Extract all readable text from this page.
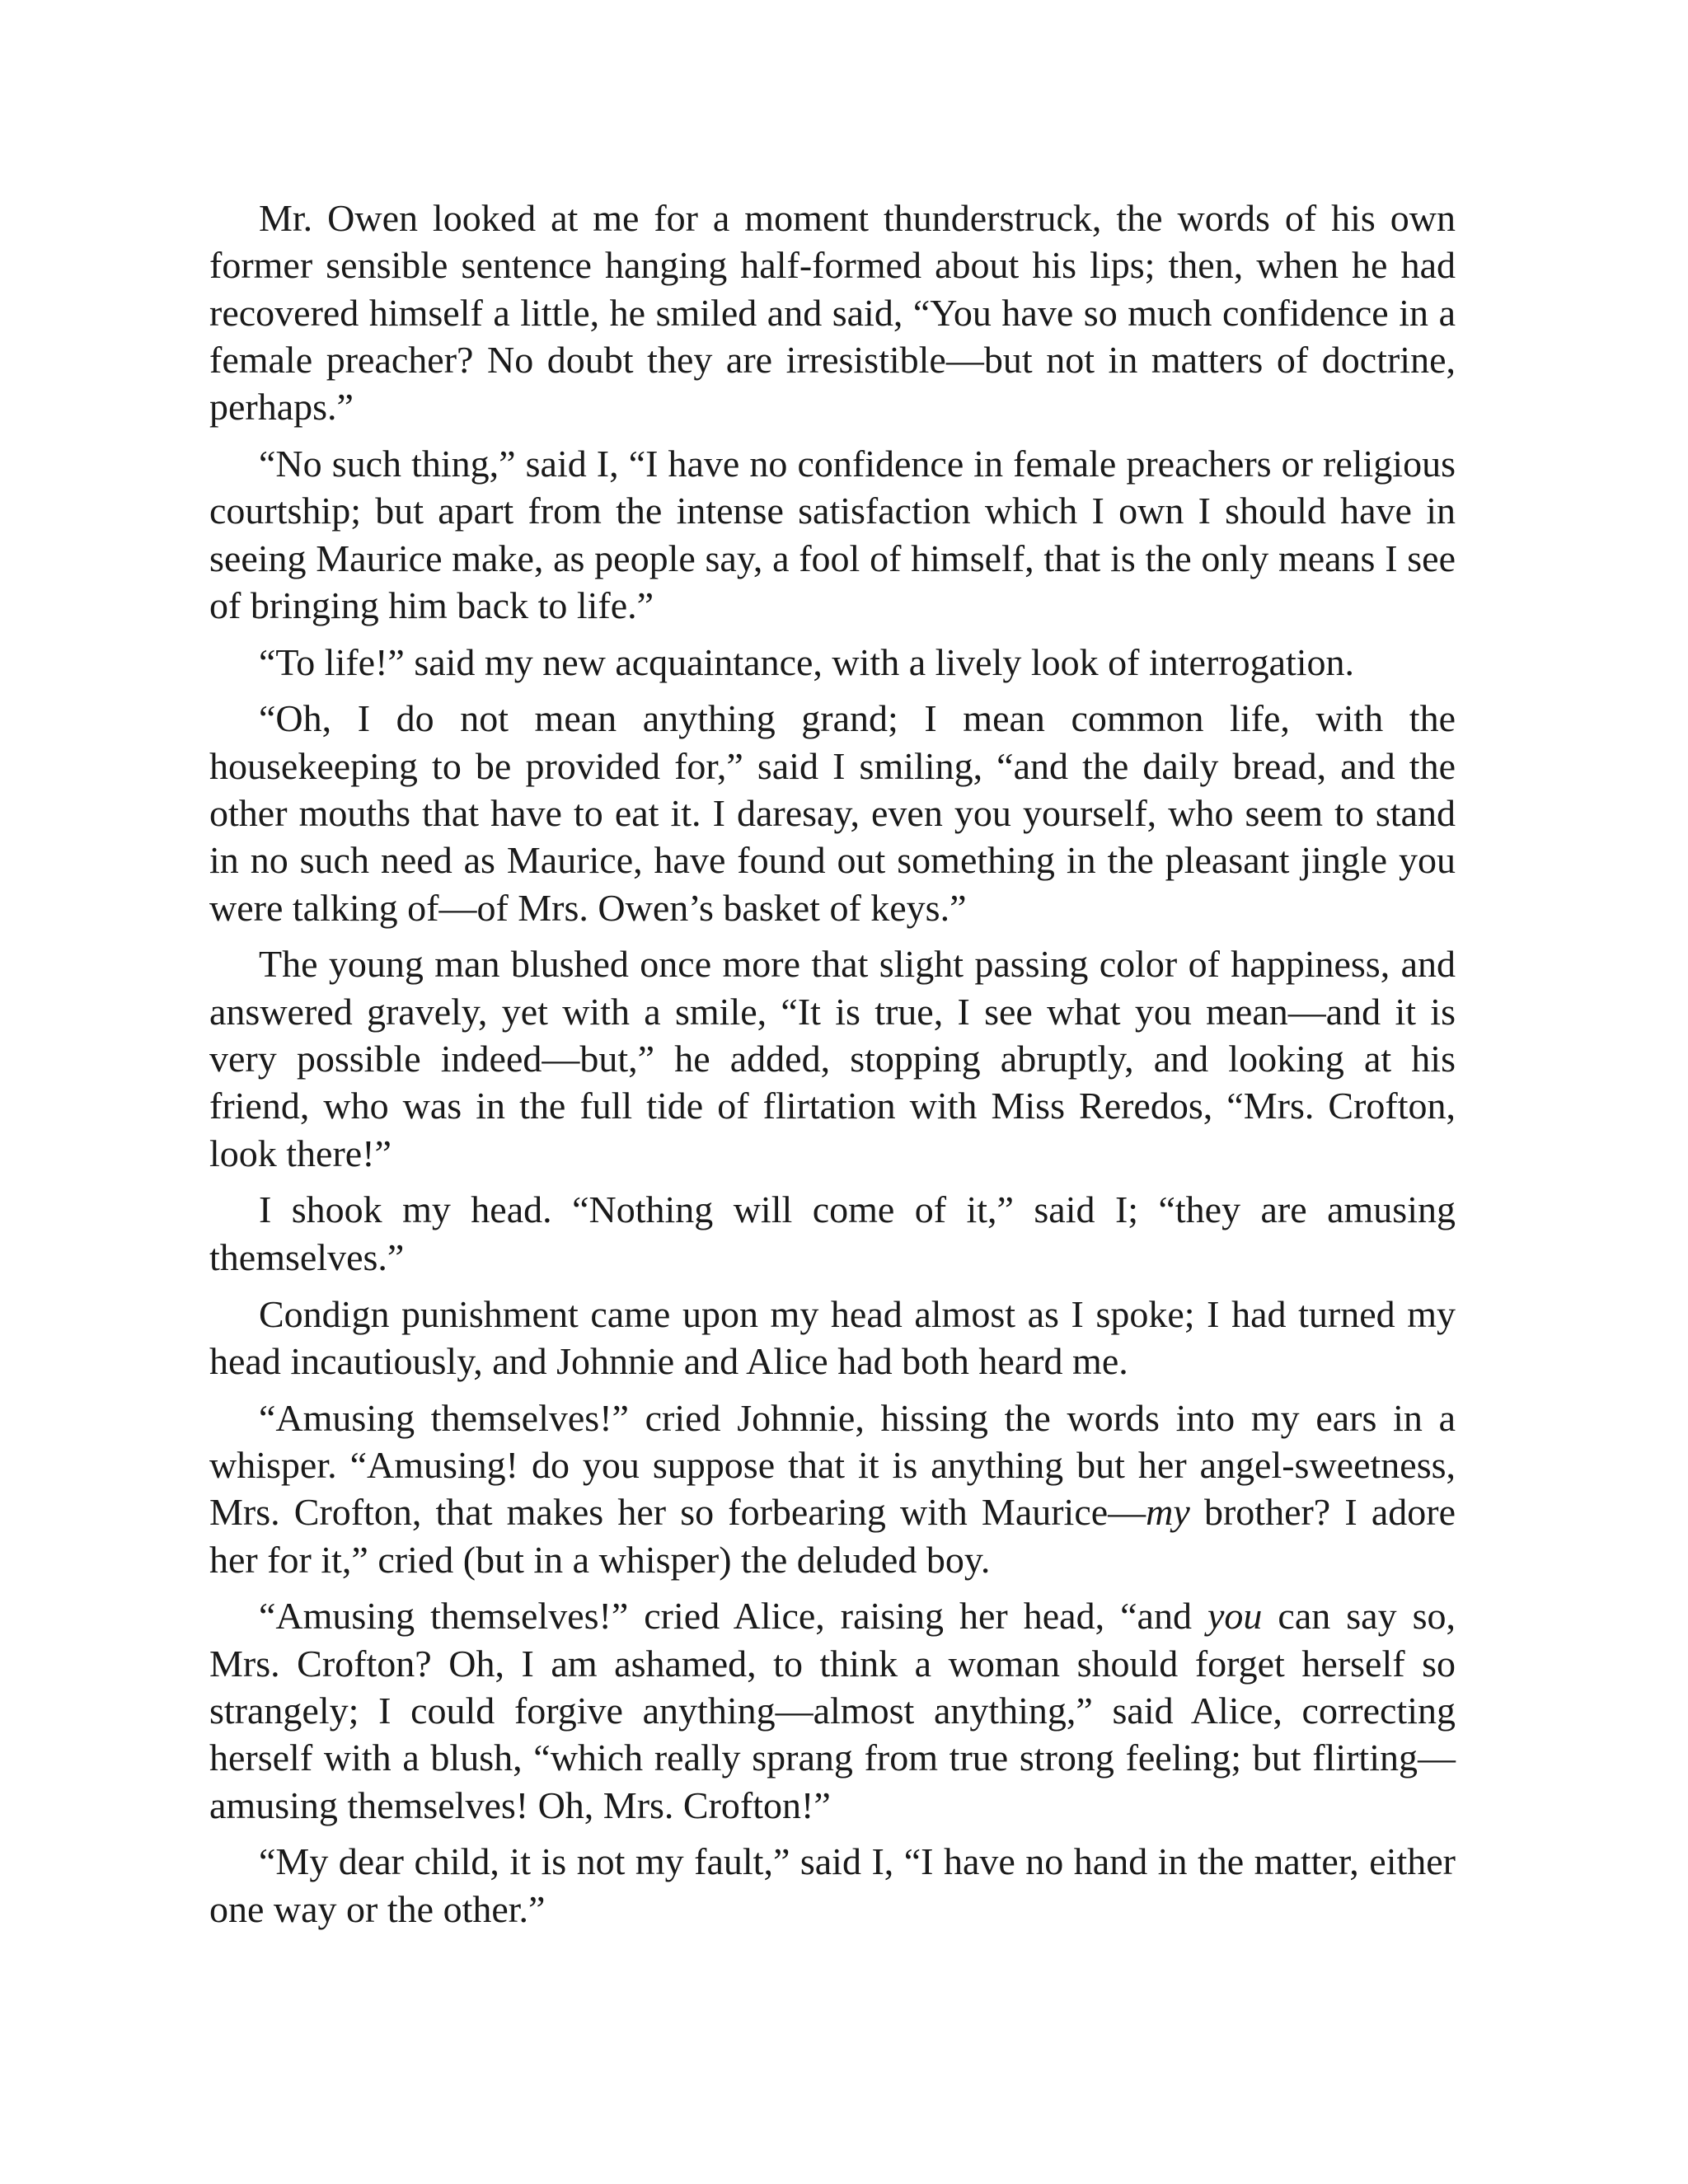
Mr. Owen looked at me for a moment thunderstruck, the words of his own former sensible sentence hanging half-formed about his lips; then, when he had recovered himself a little, he smiled and said, “You have so much confidence in a female preacher? No doubt they are irresistible—but not in matters of doctrine, perhaps.”

“No such thing,” said I, “I have no confidence in female preachers or religious courtship; but apart from the intense satisfaction which I own I should have in seeing Maurice make, as people say, a fool of himself, that is the only means I see of bringing him back to life.”

“To life!” said my new acquaintance, with a lively look of interrogation.

“Oh, I do not mean anything grand; I mean common life, with the housekeeping to be provided for,” said I smiling, “and the daily bread, and the other mouths that have to eat it. I daresay, even you yourself, who seem to stand in no such need as Maurice, have found out something in the pleasant jingle you were talking of—of Mrs. Owen’s basket of keys.”

The young man blushed once more that slight passing color of happiness, and answered gravely, yet with a smile, “It is true, I see what you mean—and it is very possible indeed—but,” he added, stopping abruptly, and looking at his friend, who was in the full tide of flirtation with Miss Reredos, “Mrs. Crofton, look there!”

I shook my head. “Nothing will come of it,” said I; “they are amusing themselves.”

Condign punishment came upon my head almost as I spoke; I had turned my head incautiously, and Johnnie and Alice had both heard me.

“Amusing themselves!” cried Johnnie, hissing the words into my ears in a whisper. “Amusing! do you suppose that it is anything but her angel-sweetness, Mrs. Crofton, that makes her so forbearing with Maurice—my brother? I adore her for it,” cried (but in a whisper) the deluded boy.

“Amusing themselves!” cried Alice, raising her head, “and you can say so, Mrs. Crofton? Oh, I am ashamed, to think a woman should forget herself so strangely; I could forgive anything—almost anything,” said Alice, correcting herself with a blush, “which really sprang from true strong feeling; but flirting—amusing themselves! Oh, Mrs. Crofton!”

“My dear child, it is not my fault,” said I, “I have no hand in the matter, either one way or the other.”
